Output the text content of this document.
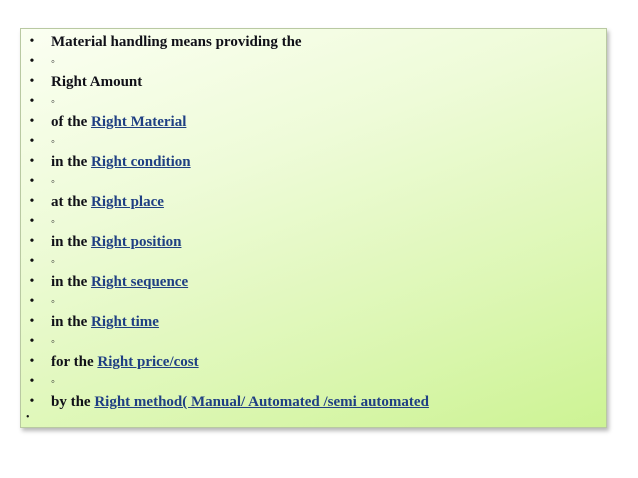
•	Material handling means providing the
•	◦
•	Right Amount
•	◦
•	of the Right Material
•	◦
•	in the Right condition
•	◦
•	at the Right place
•	◦
•	in the Right position
•	◦
•	in the Right sequence
•	◦
•	in the Right time
•	◦
•	for the Right price/cost
•	◦
•	by the Right method( Manual/ Automated /semi automated
•
